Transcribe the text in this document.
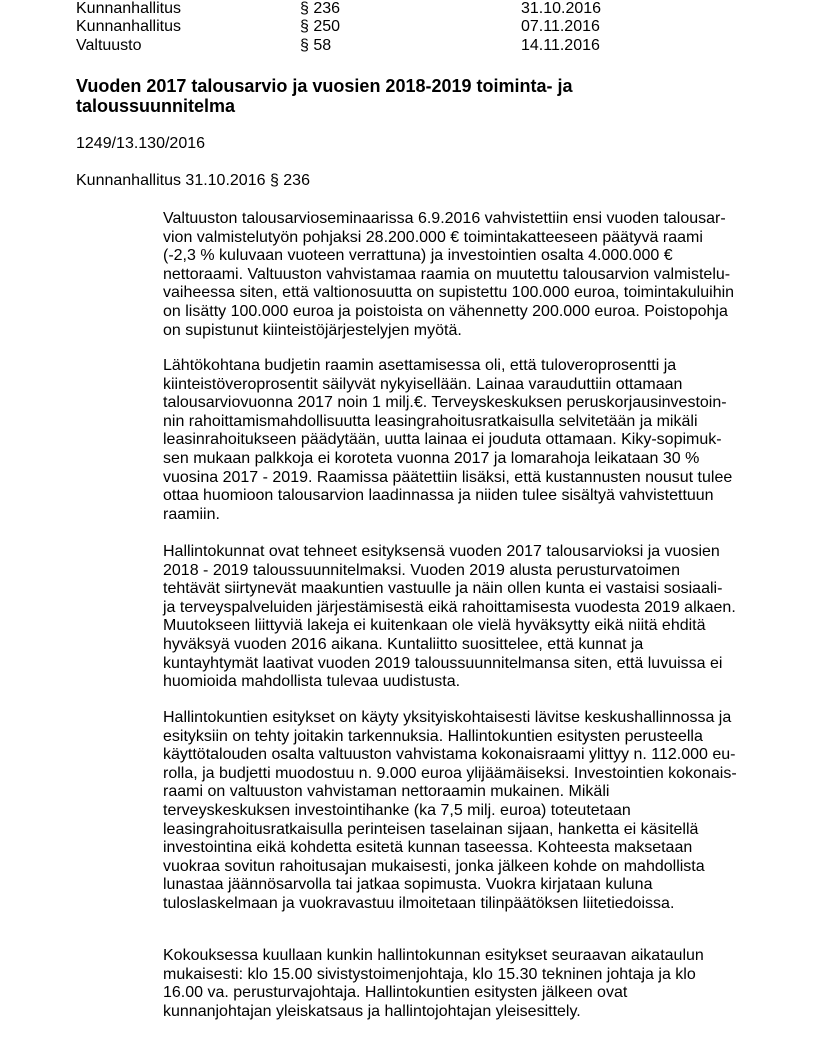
Kunnanhallitus	§ 236	31.10.2016
Kunnanhallitus	§ 250	07.11.2016
Valtuusto	§ 58	14.11.2016
Vuoden 2017 talousarvio ja vuosien 2018-2019 toiminta- ja
taloussuunnitelma
1249/13.130/2016
Kunnanhallitus 31.10.2016 § 236
Valtuuston talousarvioseminaarissa 6.9.2016 vahvistettiin ensi vuoden talousar-
vion valmistelutyön pohjaksi 28.200.000 € toimintakatteeseen päätyvä raami
(-2,3 % kuluvaan vuoteen verrattuna) ja investointien osalta 4.000.000 €
nettoraami. Valtuuston vahvistamaa raamia on muutettu talousarvion valmistelu-
vaiheessa siten, että valtionosuutta on supistettu 100.000 euroa, toimintakuluihin
on lisätty 100.000 euroa ja poistoista on vähennetty 200.000 euroa. Poistopohja
on supistunut kiinteistöjärjestelyjen myötä.
Lähtökohtana budjetin raamin asettamisessa oli, että tuloveroprosentti ja
kiinteistöveroprosentit säilyvät nykyisellään. Lainaa varauduttiin ottamaan
talousarviovuonna 2017 noin 1 milj.€. Terveyskeskuksen peruskorjausinvestoin-
nin rahoittamismahdollisuutta leasingrahoitusratkaisulla selvitetään ja mikäli
leasinrahoitukseen päädytään, uutta lainaa ei jouduta ottamaan. Kiky-sopimuk-
sen mukaan palkkoja ei koroteta vuonna 2017 ja lomarahoja leikataan 30 %
vuosina 2017 - 2019. Raamissa päätettiin lisäksi, että kustannusten nousut tulee
ottaa huomioon talousarvion laadinnassa ja niiden tulee sisältyä vahvistettuun
raamiin.
Hallintokunnat ovat tehneet esityksensä vuoden 2017 talousarvioksi ja vuosien
2018 - 2019 taloussuunnitelmaksi. Vuoden 2019 alusta perusturvatoimen
tehtävät siirtynevät maakuntien vastuulle ja näin ollen kunta ei vastaisi sosiaali-
ja terveyspalveluiden järjestämisestä eikä rahoittamisesta vuodesta 2019 alkaen.
Muutokseen liittyviä lakeja ei kuitenkaan ole vielä hyväksytty eikä niitä ehditä
hyväksyä vuoden 2016 aikana. Kuntaliitto suosittelee, että kunnat ja
kuntayhtymät laativat vuoden 2019 taloussuunnitelmansa siten, että luvuissa ei
huomioida mahdollista tulevaa uudistusta.
Hallintokuntien esitykset on käyty yksityiskohtaisesti lävitse keskushallinnossa ja
esityksiin on tehty joitakin tarkennuksia. Hallintokuntien esitysten perusteella
käyttötalouden osalta valtuuston vahvistama kokonaisraami ylittyy n. 112.000 eu-
rolla, ja budjetti muodostuu n. 9.000 euroa ylijäämäiseksi. Investointien kokonais-
raami on valtuuston vahvistaman nettoraamin mukainen. Mikäli
terveyskeskuksen investointihanke (ka 7,5 milj. euroa) toteutetaan
leasingrahoitusratkaisulla perinteisen taselainan sijaan, hanketta ei käsitellä
investointina eikä kohdetta esitetä kunnan taseessa. Kohteesta maksetaan
vuokraa sovitun rahoitusajan mukaisesti, jonka jälkeen kohde on mahdollista
lunastaa jäännösarvolla tai jatkaa sopimusta. Vuokra kirjataan kuluna
tuloslaskelmaan ja vuokravastuu ilmoitetaan tilinpäätöksen liitetiedoissa.
Kokouksessa kuullaan kunkin hallintokunnan esitykset seuraavan aikataulun
mukaisesti: klo 15.00 sivistystoimenjohtaja, klo 15.30 tekninen johtaja ja klo
16.00 va. perusturvajohtaja. Hallintokuntien esitysten jälkeen ovat
kunnanjohtajan yleiskatsaus ja hallintojohtajan yleisesittely.
